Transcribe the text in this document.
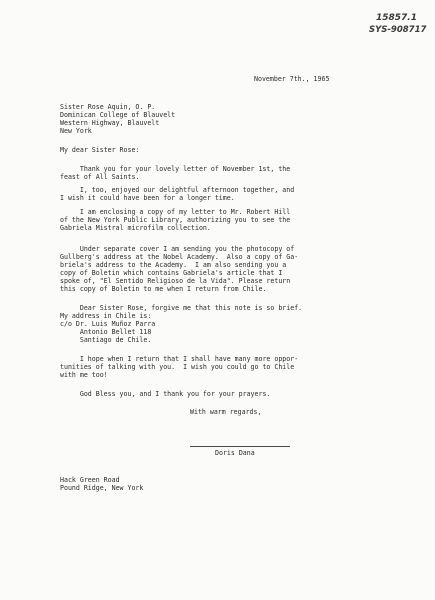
15857.1
SYS-908717
November 7th., 1965
Sister Rose Aquin, O. P.
Dominican College of Blauvelt
Western Highway, Blauvelt
New York
My dear Sister Rose:
Thank you for your lovely letter of November 1st, the
feast of All Saints.
I, too, enjoyed our delightful afternoon together, and
I wish it could have been for a longer time.
I am enclosing a copy of my letter to Mr. Robert Hill
of the New York Public Library, authorizing you to see the
Gabriela Mistral microfilm collection.
Under separate cover I am sending you the photocopy of
Gullberg's address at the Nobel Academy.  Also a copy of Ga-
briela's address to the Academy.  I am also sending you a
copy of Boletin which contains Gabriela's article that I
spoke of, "El Sentido Religioso de la Vida". Please return
this copy of Boletin to me when I return from Chile.
Dear Sister Rose, forgive me that this note is so brief.
My address in Chile is:
c/o Dr. Luis Muñoz Parra
Antonio Bellet 118
Santiago de Chile.
I hope when I return that I shall have many more oppor-
tunities of talking with you.  I wish you could go to Chile
with me too!
God Bless you, and I thank you for your prayers.
With warm regards,
Doris Dana
Hack Green Road
Pound Ridge, New York
